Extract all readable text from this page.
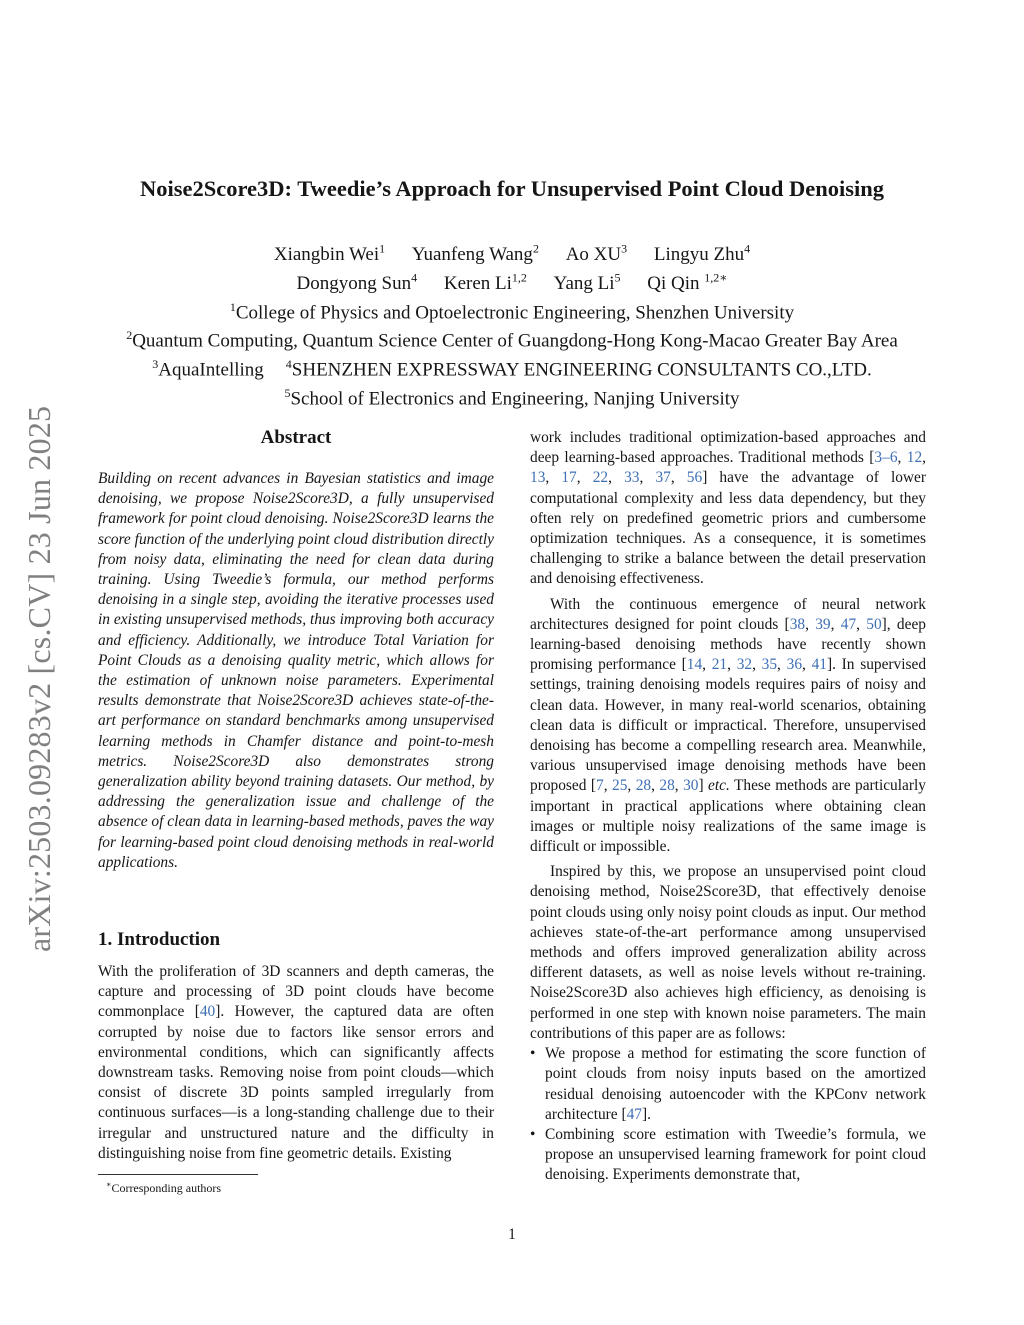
arXiv:2503.09283v2 [cs.CV] 23 Jun 2025
Noise2Score3D: Tweedie’s Approach for Unsupervised Point Cloud Denoising
Xiangbin Wei$^1$ Yuanfeng Wang$^2$ Ao $XU^3$ Lingyu Zhu$^4$
Dongyong Sun$^4$ Keren Li$^{1,2}$ Yang Li$^5$ Qi Qin $^{1,2∗}$
$^1$College of Physics and Optoelectronic Engineering, Shenzhen University
$^2$Quantum Computing, Quantum Science Center of Guangdong-Hong Kong-Macao Greater Bay Area
$^3$AquaIntelling $^4$SHENZHEN EXPRESSWAY ENGINEERING CONSULTANTS CO.,LTD.
$^5$School of Electronics and Engineering, Nanjing University
Abstract
Building on recent advances in Bayesian statistics and image denoising, we propose Noise2Score3D, a fully unsupervised framework for point cloud denoising. Noise2Score3D learns the score function of the underlying point cloud distribution directly from noisy data, eliminating the need for clean data during training. Using Tweedie’s formula, our method performs denoising in a single step, avoiding the iterative processes used in existing unsupervised methods, thus improving both accuracy and efficiency. Additionally, we introduce Total Variation for Point Clouds as a denoising quality metric, which allows for the estimation of unknown noise parameters. Experimental results demonstrate that Noise2Score3D achieves state-of-the-art performance on standard benchmarks among unsupervised learning methods in Chamfer distance and point-to-mesh metrics. Noise2Score3D also demonstrates strong generalization ability beyond training datasets. Our method, by addressing the generalization issue and challenge of the absence of clean data in learning-based methods, paves the way for learning-based point cloud denoising methods in real-world applications.
1. Introduction
With the proliferation of 3D scanners and depth cameras, the capture and processing of 3D point clouds have become commonplace [40]. However, the captured data are often corrupted by noise due to factors like sensor errors and environmental conditions, which can significantly affects downstream tasks. Removing noise from point clouds—which consist of discrete 3D points sampled irregularly from continuous surfaces—is a long-standing challenge due to their irregular and unstructured nature and the difficulty in distinguishing noise from fine geometric details. Existing
∗Corresponding authors

work includes traditional optimization-based approaches and deep learning-based approaches. Traditional methods [3–6, 12, 13, 17, 22, 33, 37, 56] have the advantage of lower computational complexity and less data dependency, but they often rely on predefined geometric priors and cumbersome optimization techniques. As a consequence, it is sometimes challenging to strike a balance between the detail preservation and denoising effectiveness.

With the continuous emergence of neural network architectures designed for point clouds [38, 39, 47, 50], deep learning-based denoising methods have recently shown promising performance [14, 21, 32, 35, 36, 41]. In supervised settings, training denoising models requires pairs of noisy and clean data. However, in many real-world scenarios, obtaining clean data is difficult or impractical. Therefore, unsupervised denoising has become a compelling research area. Meanwhile, various unsupervised image denoising methods have been proposed [7, 25, 28, 28, 30] etc. These methods are particularly important in practical applications where obtaining clean images or multiple noisy realizations of the same image is difficult or impossible.

Inspired by this, we propose an unsupervised point cloud denoising method, Noise2Score3D, that effectively denoise point clouds using only noisy point clouds as input. Our method achieves state-of-the-art performance among unsupervised methods and offers improved generalization ability across different datasets, as well as noise levels without re-training. Noise2Score3D also achieves high efficiency, as denoising is performed in one step with known noise parameters. The main contributions of this paper are as follows:

• We propose a method for estimating the score function of point clouds from noisy inputs based on the amortized residual denoising autoencoder with the KPConv network architecture [47].
• Combining score estimation with Tweedie’s formula, we propose an unsupervised learning framework for point cloud denoising. Experiments demonstrate that,
1
